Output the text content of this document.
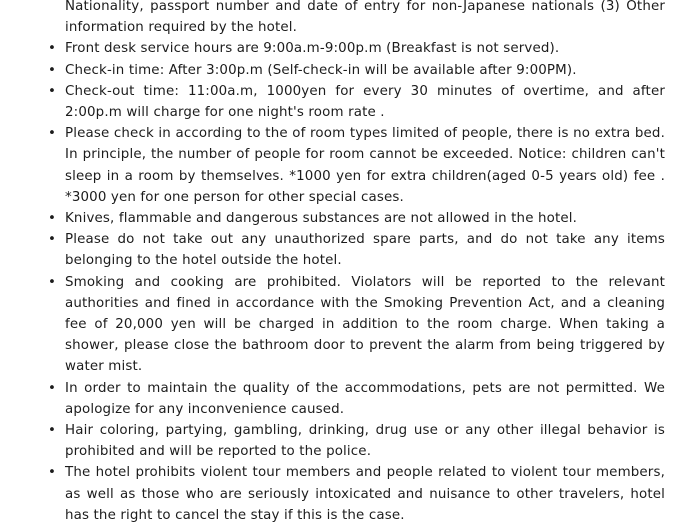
Nationality, passport number and date of entry for non-Japanese nationals (3) Other information required by the hotel.
• Front desk service hours are 9:00a.m-9:00p.m (Breakfast is not served).
• Check-in time: After 3:00p.m (Self-check-in will be available after 9:00PM).
• Check-out time: 11:00a.m, 1000yen for every 30 minutes of overtime, and after 2:00p.m will charge for one night's room rate .
• Please check in according to the of room types limited of people, there is no extra bed. In principle, the number of people for room cannot be exceeded. Notice: children can't sleep in a room by themselves. *1000 yen for extra children(aged 0-5 years old) fee . *3000 yen for one person for other special cases.
• Knives, flammable and dangerous substances are not allowed in the hotel.
• Please do not take out any unauthorized spare parts, and do not take any items belonging to the hotel outside the hotel.
• Smoking and cooking are prohibited. Violators will be reported to the relevant authorities and fined in accordance with the Smoking Prevention Act, and a cleaning fee of 20,000 yen will be charged in addition to the room charge. When taking a shower, please close the bathroom door to prevent the alarm from being triggered by water mist.
• In order to maintain the quality of the accommodations, pets are not permitted. We apologize for any inconvenience caused.
• Hair coloring, partying, gambling, drinking, drug use or any other illegal behavior is prohibited and will be reported to the police.
• The hotel prohibits violent tour members and people related to violent tour members, as well as those who are seriously intoxicated and nuisance to other travelers, hotel has the right to cancel the stay if this is the case.
